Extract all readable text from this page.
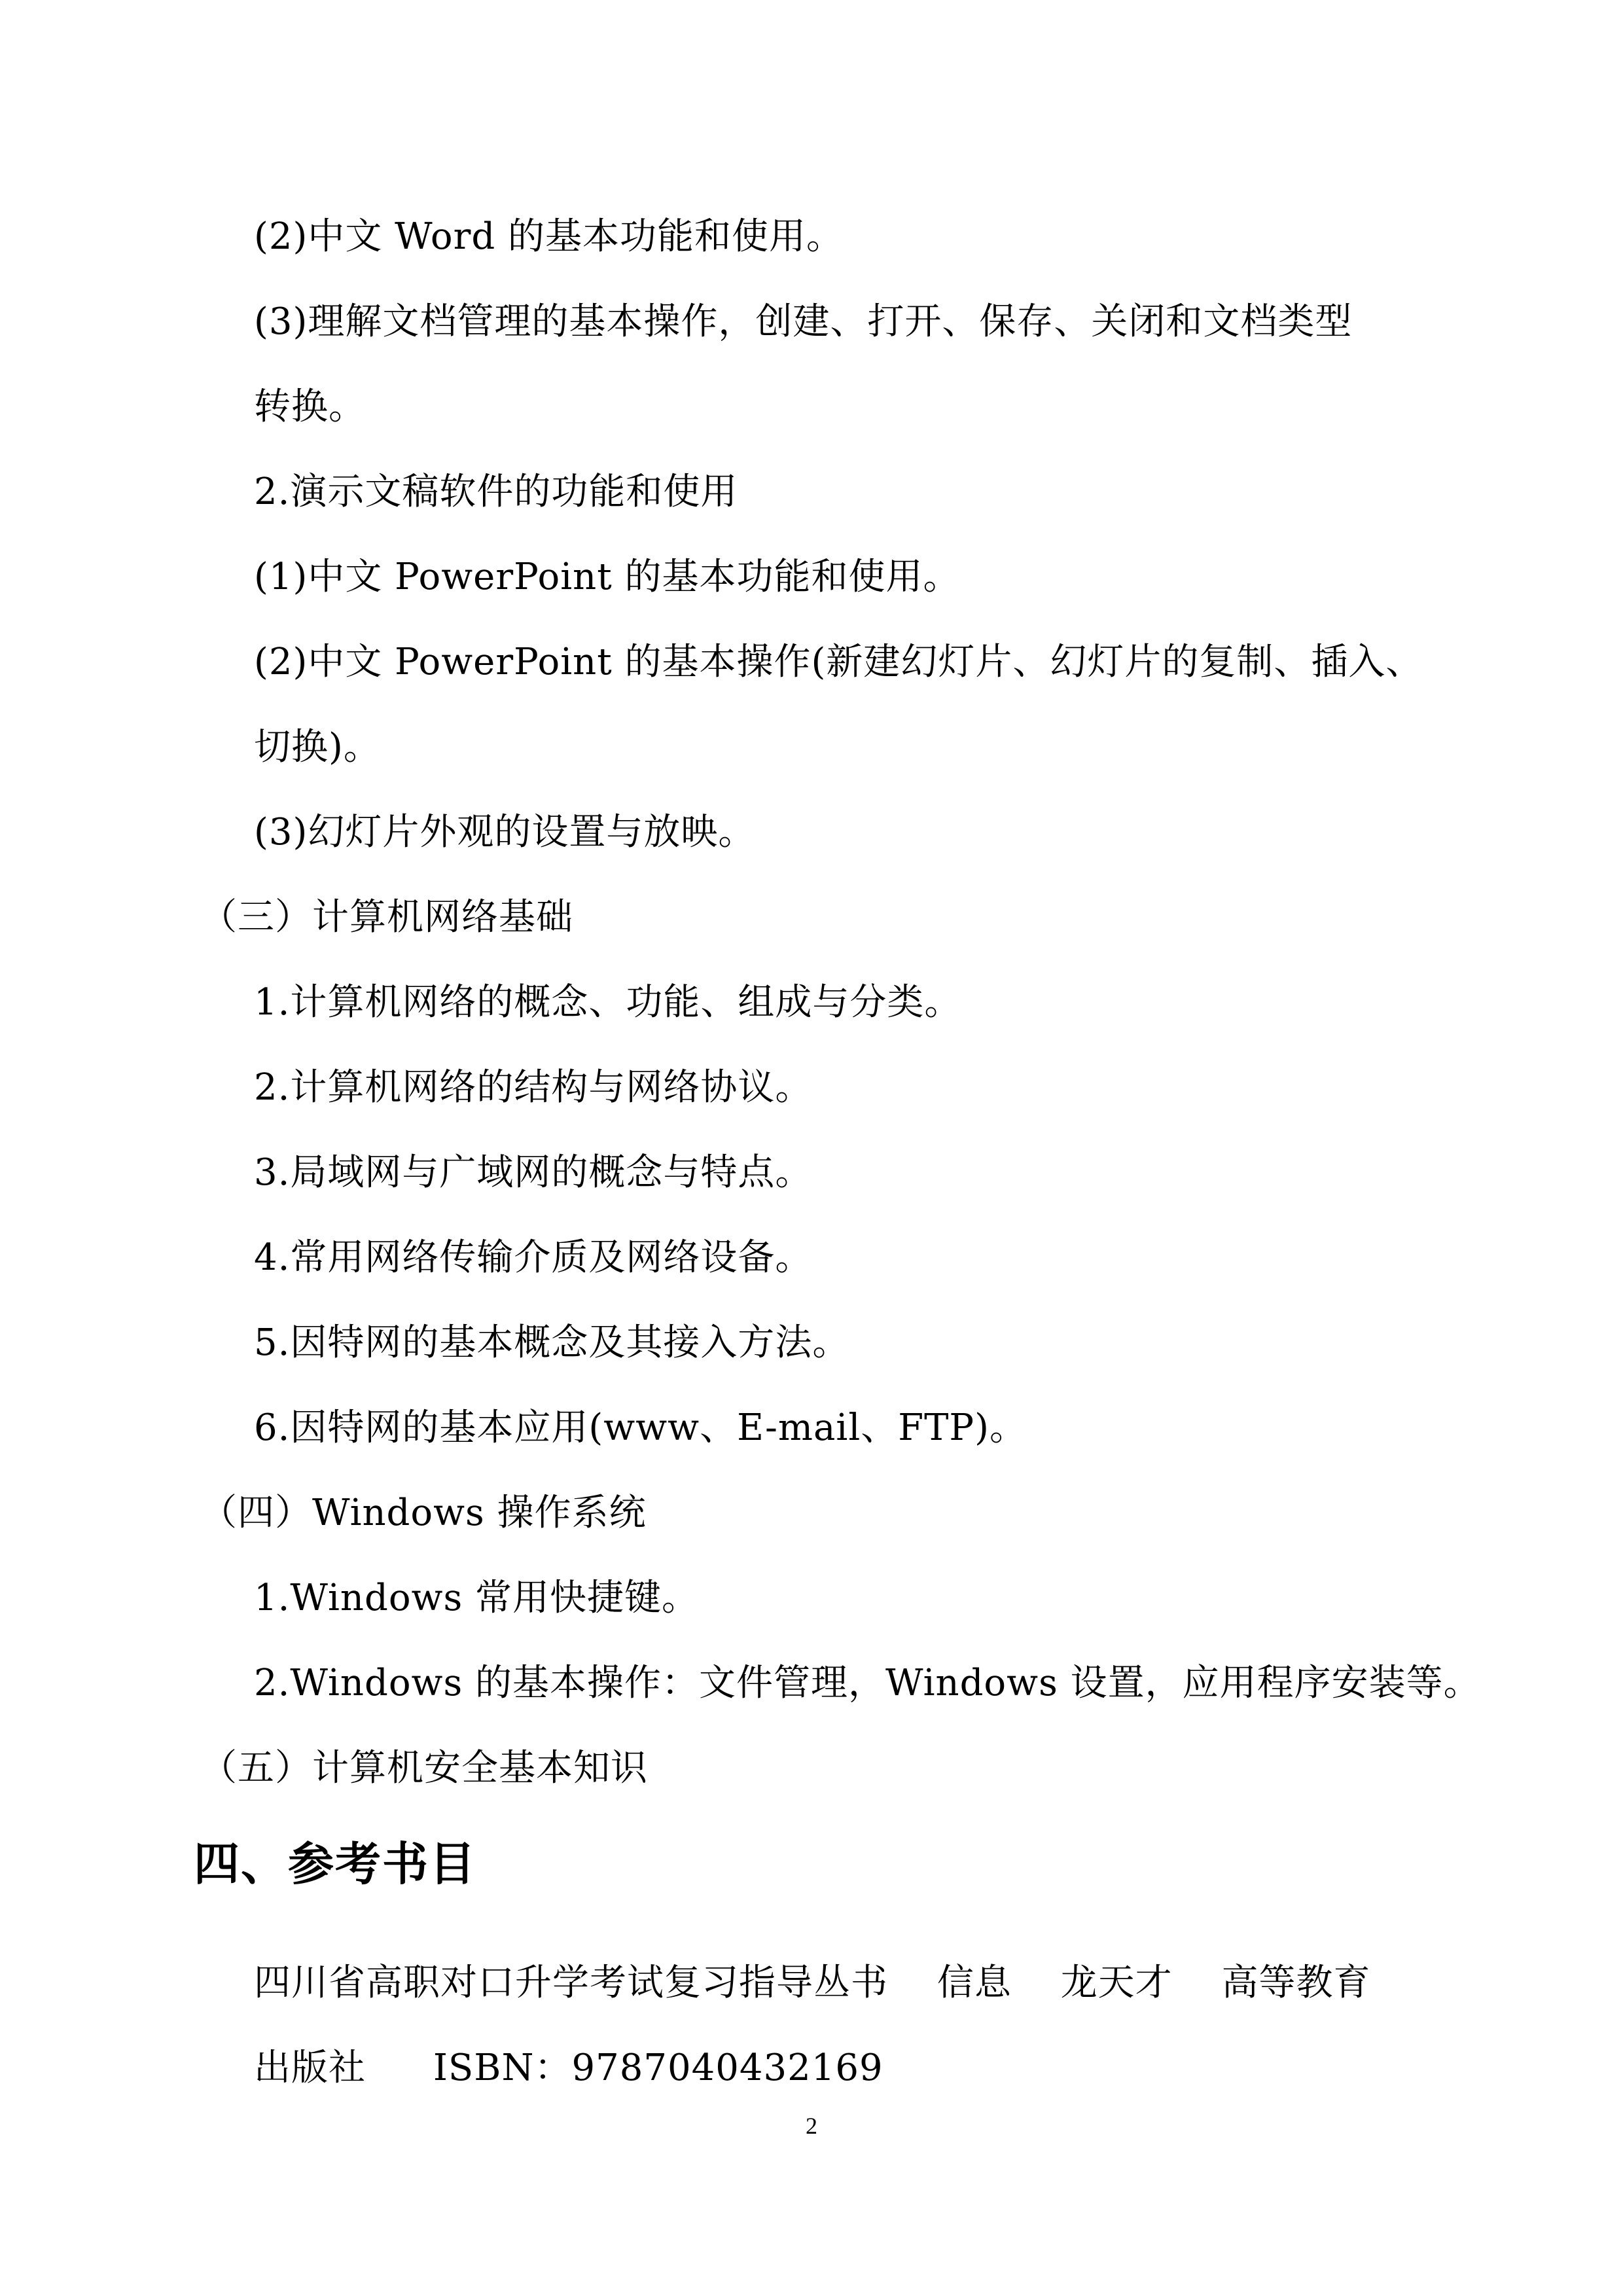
(2)中文 Word 的基本功能和使用。
(3)理解文档管理的基本操作，创建、打开、保存、关闭和文档类型
转换。
2.演示文稿软件的功能和使用
(1)中文 PowerPoint 的基本功能和使用。
(2)中文 PowerPoint 的基本操作(新建幻灯片、幻灯片的复制、插入、
切换)。
(3)幻灯片外观的设置与放映。
（三）计算机网络基础
1.计算机网络的概念、功能、组成与分类。
2.计算机网络的结构与网络协议。
3.局域网与广域网的概念与特点。
4.常用网络传输介质及网络设备。
5.因特网的基本概念及其接入方法。
6.因特网的基本应用(www、E-mail、FTP)。
（四）Windows 操作系统
1.Windows 常用快捷键。
2.Windows 的基本操作：文件管理，Windows 设置，应用程序安装等。
（五）计算机安全基本知识
四、参考书目
四川省高职对口升学考试复习指导丛书 信息 龙天才 高等教育
出版社 ISBN：9787040432169
2
